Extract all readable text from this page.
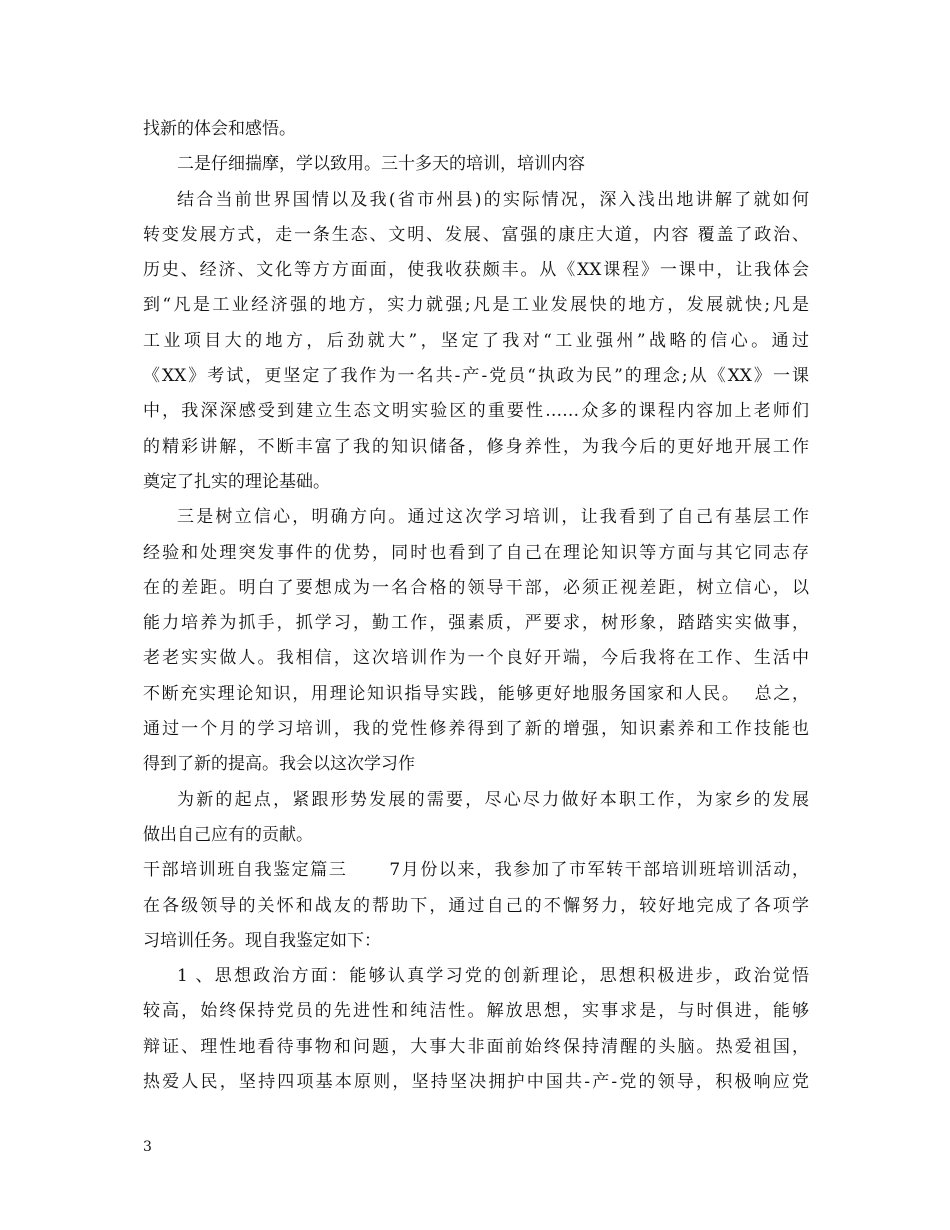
找新的体会和感悟。
二是仔细揣摩，学以致用。三十多天的培训，培训内容
结合当前世界国情以及我(省市州县)的实际情况，深入浅出地讲解了就如何
转变发展方式，走一条生态、文明、发展、富强的康庄大道，内容 覆盖了政治、
历史、经济、文化等方方面面，使我收获颇丰。从《XX课程》一课中，让我体会
到“凡是工业经济强的地方，实力就强;凡是工业发展快的地方，发展就快;凡是
工业项目大的地方，后劲就大”，坚定了我对“工业强州”战略的信心。通过
《XX》考试，更坚定了我作为一名共-产-党员“执政为民”的理念;从《XX》一课
中，我深深感受到建立生态文明实验区的重要性……众多的课程内容加上老师们
的精彩讲解，不断丰富了我的知识储备，修身养性，为我今后的更好地开展工作
奠定了扎实的理论基础。
三是树立信心，明确方向。通过这次学习培训，让我看到了自己有基层工作
经验和处理突发事件的优势，同时也看到了自己在理论知识等方面与其它同志存
在的差距。明白了要想成为一名合格的领导干部，必须正视差距，树立信心，以
能力培养为抓手，抓学习，勤工作，强素质，严要求，树形象，踏踏实实做事，
老老实实做人。我相信，这次培训作为一个良好开端，今后我将在工作、生活中
不断充实理论知识，用理论知识指导实践，能够更好地服务国家和人民。  总之，
通过一个月的学习培训，我的党性修养得到了新的增强，知识素养和工作技能也
得到了新的提高。我会以这次学习作
为新的起点，紧跟形势发展的需要，尽心尽力做好本职工作，为家乡的发展
做出自己应有的贡献。
干部培训班自我鉴定篇三      7月份以来，我参加了市军转干部培训班培训活动，
在各级领导的关怀和战友的帮助下，通过自己的不懈努力，较好地完成了各项学
习培训任务。现自我鉴定如下：
1 、思想政治方面：能够认真学习党的创新理论，思想积极进步，政治觉悟
较高，始终保持党员的先进性和纯洁性。解放思想，实事求是，与时俱进，能够
辩证、理性地看待事物和问题，大事大非面前始终保持清醒的头脑。热爱祖国，
热爱人民，坚持四项基本原则，坚持坚决拥护中国共-产-党的领导，积极响应党
3
